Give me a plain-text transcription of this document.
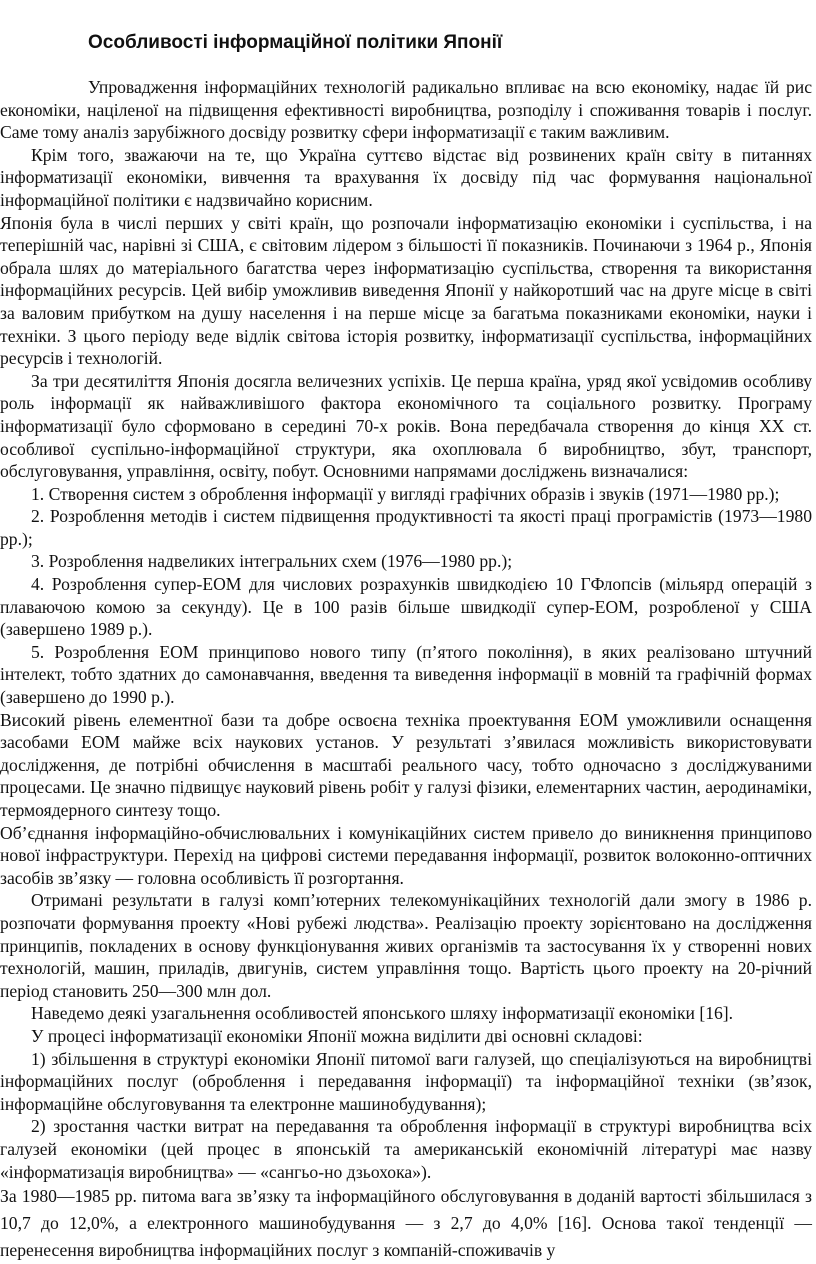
Особливості інформаційної політики Японії

Упровадження інформаційних технологій радикально впливає на всю економіку, надає їй рис економіки, націленої на підвищення ефективності виробництва, розподілу і споживання товарів і послуг. Саме тому аналіз зарубіжного досвіду розвитку сфери інформатизації є таким важливим.

Крім того, зважаючи на те, що Україна суттєво відстає від розвинених країн світу в питаннях інформатизації економіки, вивчення та врахування їх досвіду під час формування національної інформаційної політики є надзвичайно корисним.

Японія була в числі перших у світі країн, що розпочали інформатизацію економіки і суспільства, і на теперішній час, нарівні зі США, є світовим лідером з більшості її показників. Починаючи з 1964 р., Японія обрала шлях до матеріального багатства через інформатизацію суспільства, створення та використання інформаційних ресурсів. Цей вибір уможливив виведення Японії у найкоротший час на друге місце в світі за валовим прибутком на душу населення і на перше місце за багатьма показниками економіки, науки і техніки. З цього періоду веде відлік світова історія розвитку, інформатизації суспільства, інформаційних ресурсів і технологій.

За три десятиліття Японія досягла величезних успіхів. Це перша країна, уряд якої усвідомив особливу роль інформації як найважливішого фактора економічного та соціального розвитку. Програму інформатизації було сформовано в середині 70-х років. Вона передбачала створення до кінця XX ст. особливої суспільно-інформаційної структури, яка охоплювала б виробництво, збут, транспорт, обслуговування, управління, освіту, побут. Основними напрямами досліджень визначалися:

1. Створення систем з оброблення інформації у вигляді графічних образів і звуків (1971—1980 рр.);

2. Розроблення методів і систем підвищення продуктивності та якості праці програмістів (1973—1980 рр.);

3. Розроблення надвеликих інтегральних схем (1976—1980 рр.);

4. Розроблення супер-ЕОМ для числових розрахунків швидкодією 10 ГФлопсів (мільярд операцій з плаваючою комою за секунду). Це в 100 разів більше швидкодії супер-ЕОМ, розробленої у США (завершено 1989 р.).

5. Розроблення ЕОМ принципово нового типу (п’ятого покоління), в яких реалізовано штучний інтелект, тобто здатних до самонавчання, введення та виведення інформації в мовній та графічній формах (завершено до 1990 р.).

Високий рівень елементної бази та добре освоєна техніка проектування ЕОМ уможливили оснащення засобами ЕОМ майже всіх наукових установ. У результаті з’явилася можливість використовувати дослідження, де потрібні обчислення в масштабі реального часу, тобто одночасно з досліджуваними процесами. Це значно підвищує науковий рівень робіт у галузі фізики, елементарних частин, аеродинаміки, термоядерного синтезу тощо.

Об’єднання інформаційно-обчислювальних і комунікаційних систем привело до виникнення принципово нової інфраструктури. Перехід на цифрові системи передавання інформації, розвиток волоконно-оптичних засобів зв’язку — головна особливість її розгортання.

Отримані результати в галузі комп’ютерних телекомунікаційних технологій дали змогу в 1986 р. розпочати формування проекту «Нові рубежі людства». Реалізацію проекту зорієнтовано на дослідження принципів, покладених в основу функціонування живих організмів та застосування їх у створенні нових технологій, машин, приладів, двигунів, систем управління тощо. Вартість цього проекту на 20-річний період становить 250—300 млн дол.

Наведемо деякі узагальнення особливостей японського шляху інформатизації економіки [16].

У процесі інформатизації економіки Японії можна виділити дві основні складові:

1) збільшення в структурі економіки Японії питомої ваги галузей, що спеціалізуються на виробництві інформаційних послуг (оброблення і передавання інформації) та інформаційної техніки (зв’язок, інформаційне обслуговування та електронне машинобудування);

2) зростання частки витрат на передавання та оброблення інформації в структурі виробництва всіх галузей економіки (цей процес в японській та американській економічній літературі має назву «інформатизація виробництва» — «сангьо-но дзьохока»).

За 1980—1985 рр. питома вага зв’язку та інформаційного обслуговування в доданій вартості збільшилася з 10,7 до 12,0%, а електронного машинобудування — з 2,7 до 4,0% [16]. Основа такої тенденції — перенесення виробництва інформаційних послуг з компаній-споживачів у
